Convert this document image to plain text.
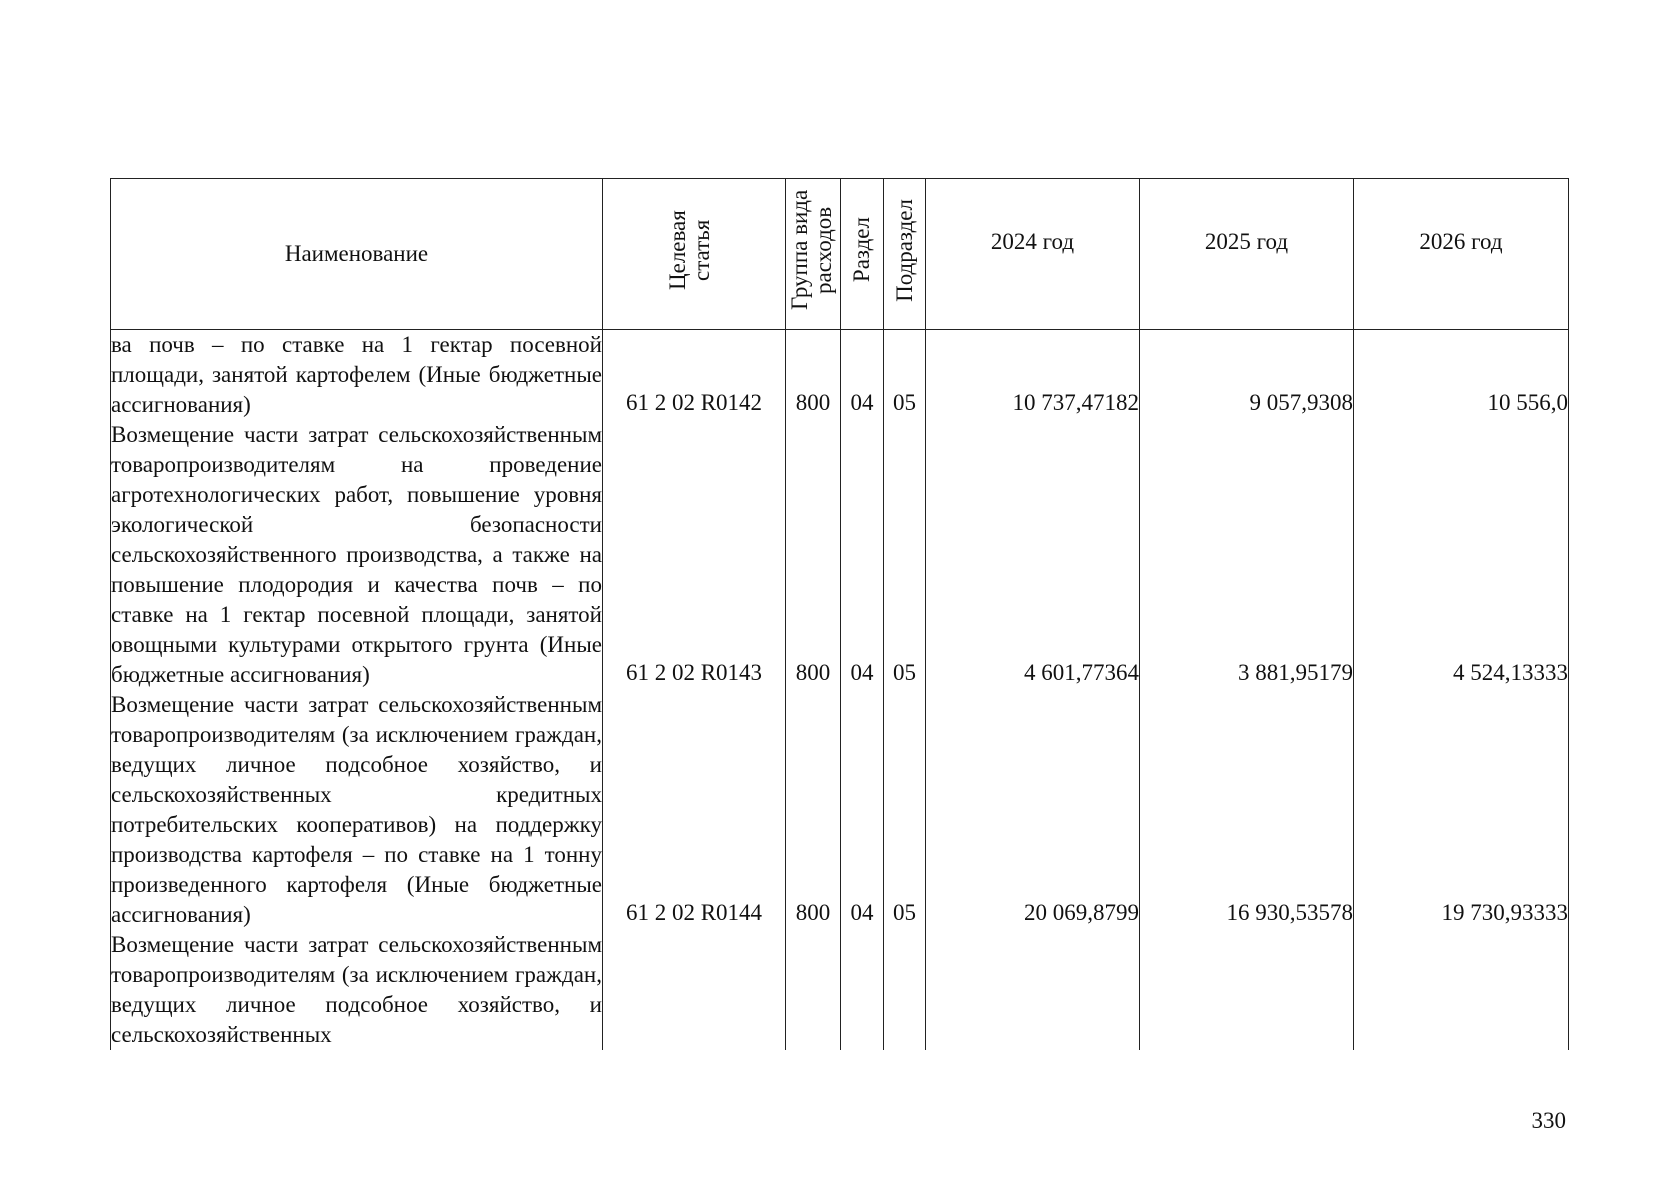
Наименование	Целевая статья	Группа вида расходов	Раздел	Подраздел	2024 год	2025 год	2026 год
ва почв – по ставке на 1 гектар посевной площади, занятой картофелем (Иные бюджетные ассигнования)	61 2 02 R0142	800	04	05	10 737,47182	9 057,9308	10 556,0
Возмещение части затрат сельскохозяйственным товаропроизводителям на проведение агротехнологических работ, повышение уровня экологической безопасности сельскохозяйственного производства, а также на повышение плодородия и качества почв – по ставке на 1 гектар посевной площади, занятой овощными культурами открытого грунта (Иные бюджетные ассигнования)	61 2 02 R0143	800	04	05	4 601,77364	3 881,95179	4 524,13333
Возмещение части затрат сельскохозяйственным товаропроизводителям (за исключением граждан, ведущих личное подсобное хозяйство, и сельскохозяйственных кредитных потребительских кооперативов) на поддержку производства картофеля – по ставке на 1 тонну произведенного картофеля (Иные бюджетные ассигнования)	61 2 02 R0144	800	04	05	20 069,8799	16 930,53578	19 730,93333
Возмещение части затрат сельскохозяйственным товаропроизводителям (за исключением граждан, ведущих личное подсобное хозяйство, и сельскохозяйственных							
330
